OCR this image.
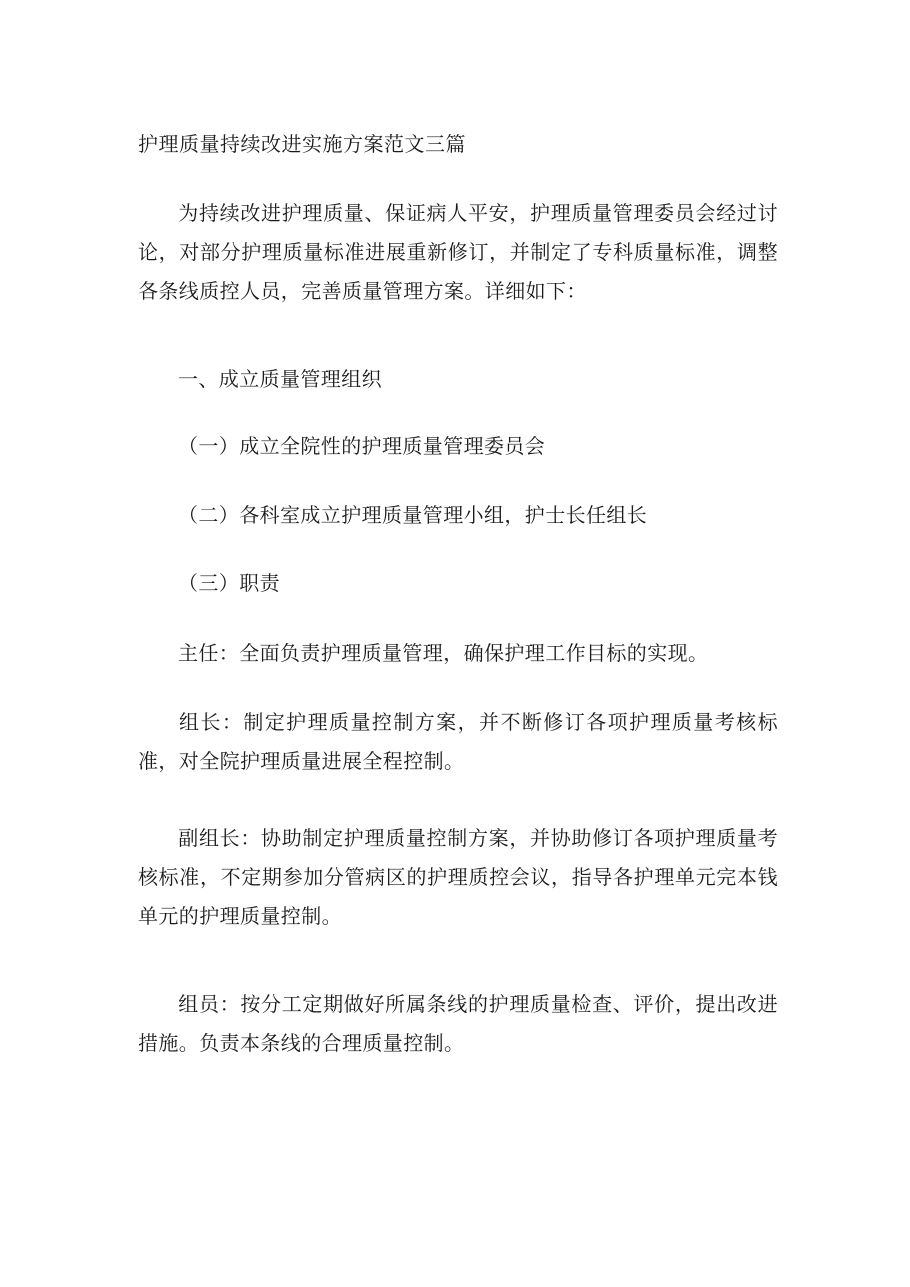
护理质量持续改进实施方案范文三篇

为持续改进护理质量、保证病人平安，护理质量管理委员会经过讨论，对部分护理质量标准进展重新修订，并制定了专科质量标准，调整各条线质控人员，完善质量管理方案。详细如下：

一、成立质量管理组织

（一）成立全院性的护理质量管理委员会

（二）各科室成立护理质量管理小组，护士长任组长

（三）职责

主任：全面负责护理质量管理，确保护理工作目标的实现。

组长：制定护理质量控制方案，并不断修订各项护理质量考核标准，对全院护理质量进展全程控制。

副组长：协助制定护理质量控制方案，并协助修订各项护理质量考核标准，不定期参加分管病区的护理质控会议，指导各护理单元完本钱单元的护理质量控制。

组员：按分工定期做好所属条线的护理质量检查、评价，提出改进措施。负责本条线的合理质量控制。
